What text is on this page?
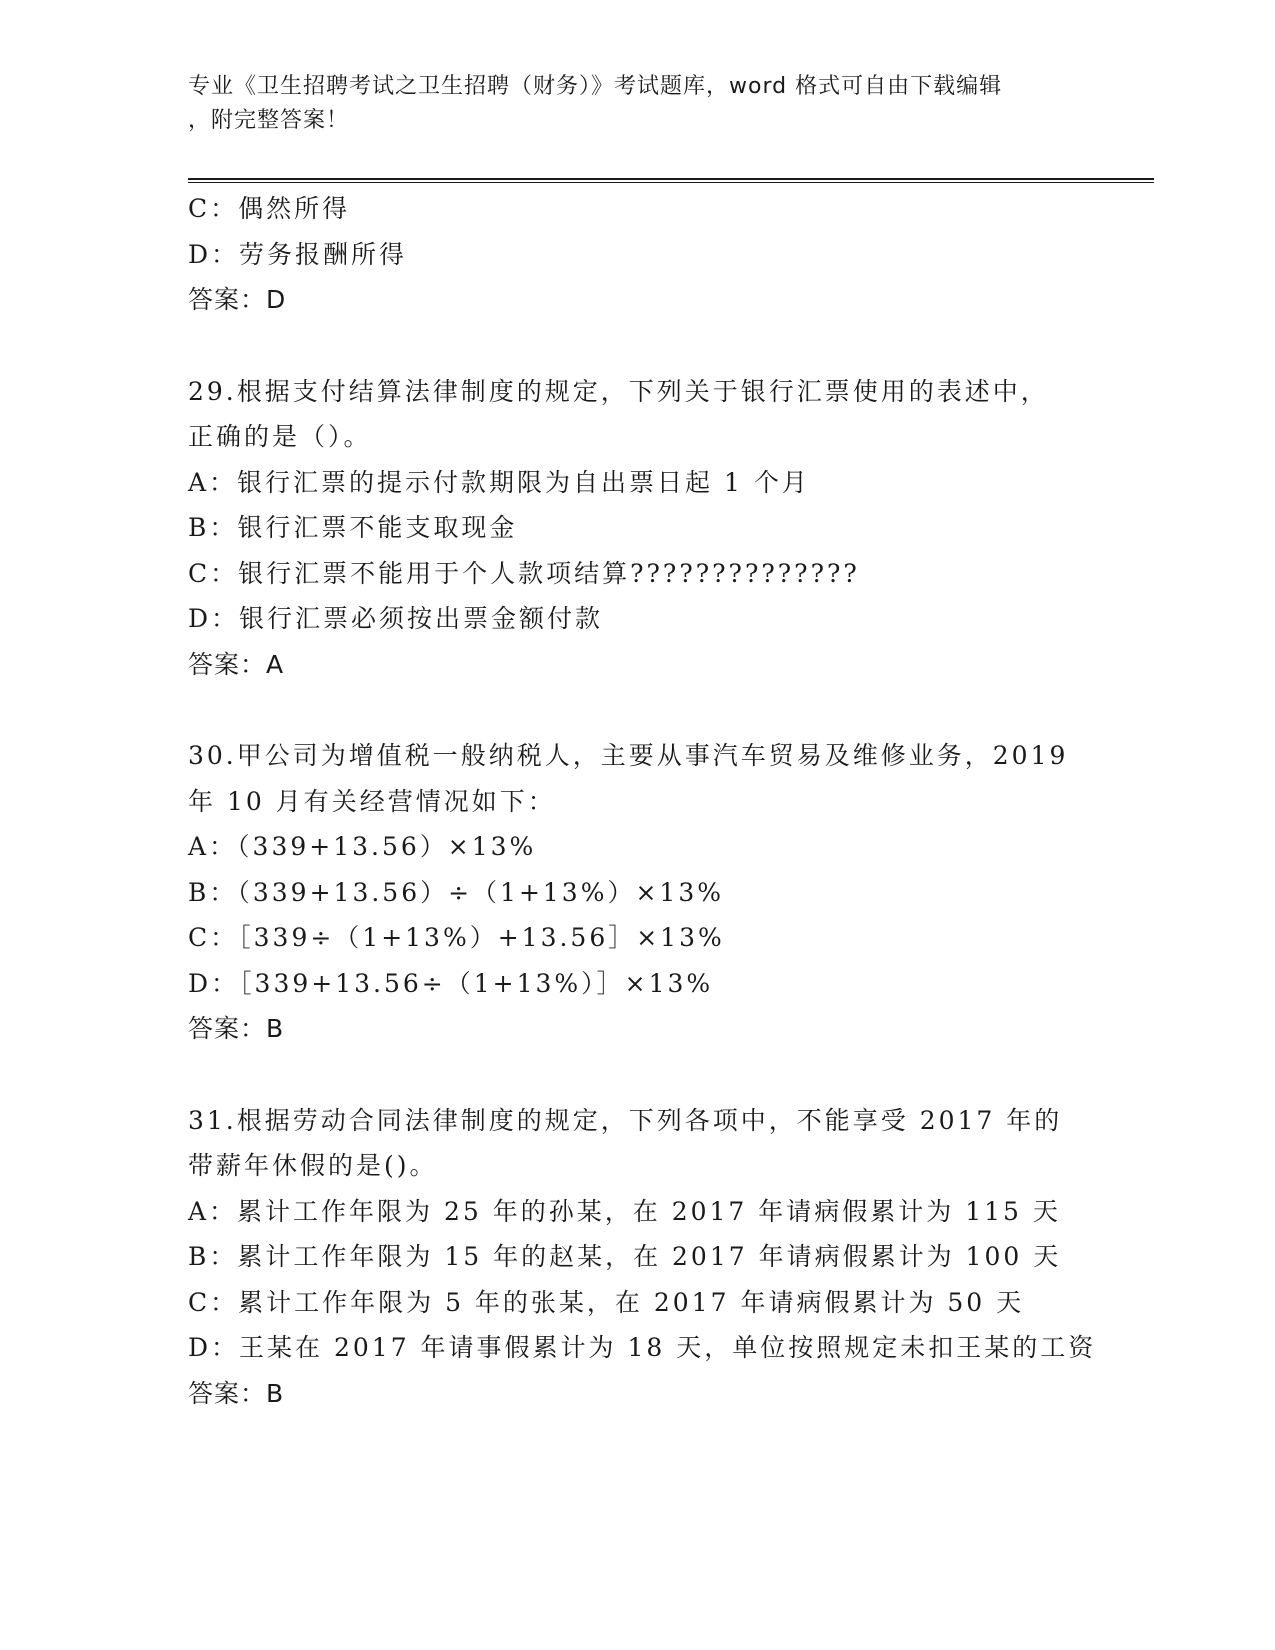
专业《卫生招聘考试之卫生招聘（财务）》考试题库，word 格式可自由下载编辑
，附完整答案！
C：偶然所得
D：劳务报酬所得
答案：D
29.根据支付结算法律制度的规定，下列关于银行汇票使用的表述中，
正确的是（）。
A：银行汇票的提示付款期限为自出票日起 1 个月
B：银行汇票不能支取现金
C：银行汇票不能用于个人款项结算??????????????
D：银行汇票必须按出票金额付款
答案：A
30.甲公司为增值税一般纳税人，主要从事汽车贸易及维修业务，2019
年 10 月有关经营情况如下：
A：（339+13.56）×13%
B：（339+13.56）÷（1+13%）×13%
C：［339÷（1+13%）+13.56］×13%
D：［339+13.56÷（1+13%）］×13%
答案：B
31.根据劳动合同法律制度的规定，下列各项中，不能享受 2017 年的
带薪年休假的是()。
A：累计工作年限为 25 年的孙某，在 2017 年请病假累计为 115 天
B：累计工作年限为 15 年的赵某，在 2017 年请病假累计为 100 天
C：累计工作年限为 5 年的张某，在 2017 年请病假累计为 50 天
D：王某在 2017 年请事假累计为 18 天，单位按照规定未扣王某的工资
答案：B
